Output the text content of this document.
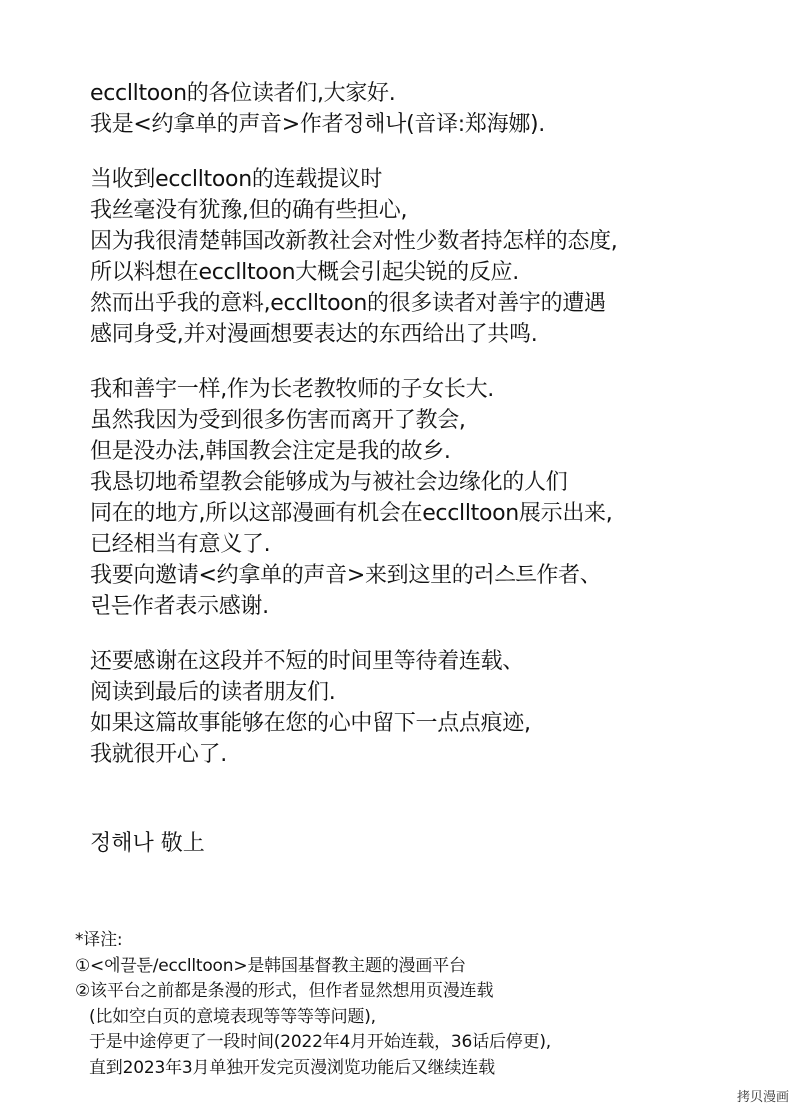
ecclltoon的各位读者们,大家好.
我是<约拿单的声音>作者정해나(音译:郑海娜).
当收到ecclltoon的连载提议时
我丝毫没有犹豫,但的确有些担心,
因为我很清楚韩国改新教社会对性少数者持怎样的态度,
所以料想在ecclltoon大概会引起尖锐的反应.
然而出乎我的意料,ecclltoon的很多读者对善宇的遭遇
感同身受,并对漫画想要表达的东西给出了共鸣.
我和善宇一样,作为长老教牧师的子女长大.
虽然我因为受到很多伤害而离开了教会,
但是没办法,韩国教会注定是我的故乡.
我恳切地希望教会能够成为与被社会边缘化的人们
同在的地方,所以这部漫画有机会在ecclltoon展示出来,
已经相当有意义了.
我要向邀请<约拿单的声音>来到这里的러스트作者、
린든作者表示感谢.
还要感谢在这段并不短的时间里等待着连载、
阅读到最后的读者朋友们.
如果这篇故事能够在您的心中留下一点点痕迹,
我就很开心了.
정해나 敬上
*译注:
①<에끌툰/ecclltoon>是韩国基督教主题的漫画平台
②该平台之前都是条漫的形式，但作者显然想用页漫连载
(比如空白页的意境表现等等等等问题),
于是中途停更了一段时间(2022年4月开始连载，36话后停更),
直到2023年3月单独开发完页漫浏览功能后又继续连载
拷贝漫画
